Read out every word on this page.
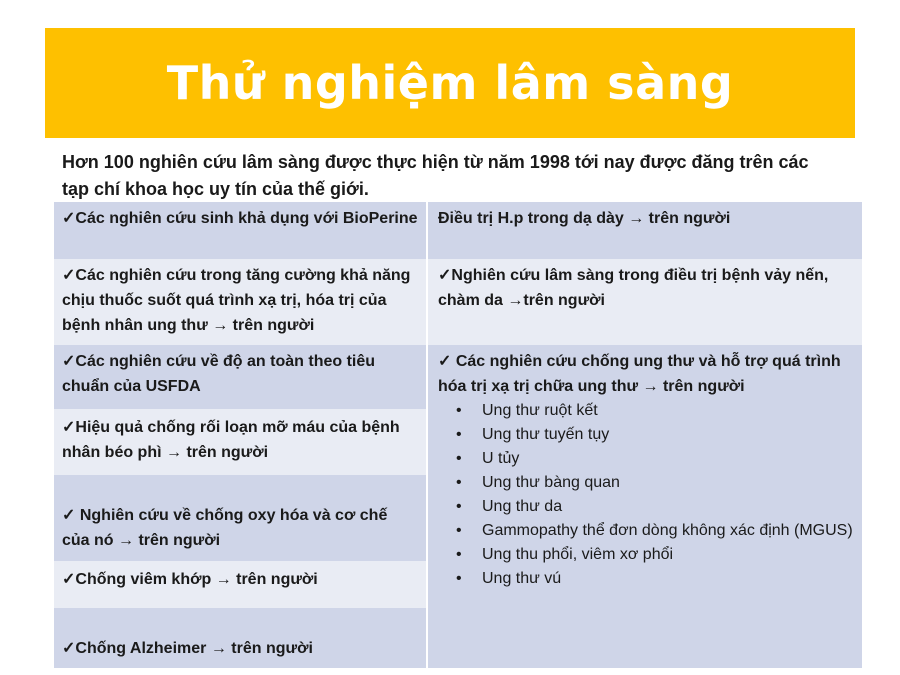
Thử nghiệm lâm sàng
Hơn 100 nghiên cứu lâm sàng được thực hiện từ năm 1998 tới nay được đăng trên các tạp chí khoa học uy tín của thế giới.
✓Các nghiên cứu sinh khả dụng với BioPerine
✓Các nghiên cứu trong tăng cường khả năng chịu thuốc suốt quá trình xạ trị, hóa trị của bệnh nhân ung thư → trên người
✓Các nghiên cứu về độ an toàn theo tiêu chuẩn của USFDA
✓Hiệu quả chống rối loạn mỡ máu của bệnh nhân béo phì → trên người
✓ Nghiên cứu về chống oxy hóa và cơ chế của nó → trên người
✓Chống viêm khớp → trên người
✓Chống Alzheimer → trên người
Điều trị H.p trong dạ dày → trên người
✓Nghiên cứu lâm sàng trong điều trị bệnh vảy nến, chàm da →trên người
✓ Các nghiên cứu chống ung thư và hỗ trợ quá trình hóa trị xạ trị chữa ung thư → trên người
• Ung thư ruột kết
• Ung thư tuyến tụy
• U tủy
• Ung thư bàng quan
• Ung thư da
• Gammopathy thể đơn dòng không xác định (MGUS)
• Ung thu phổi, viêm xơ phổi
• Ung thư vú
